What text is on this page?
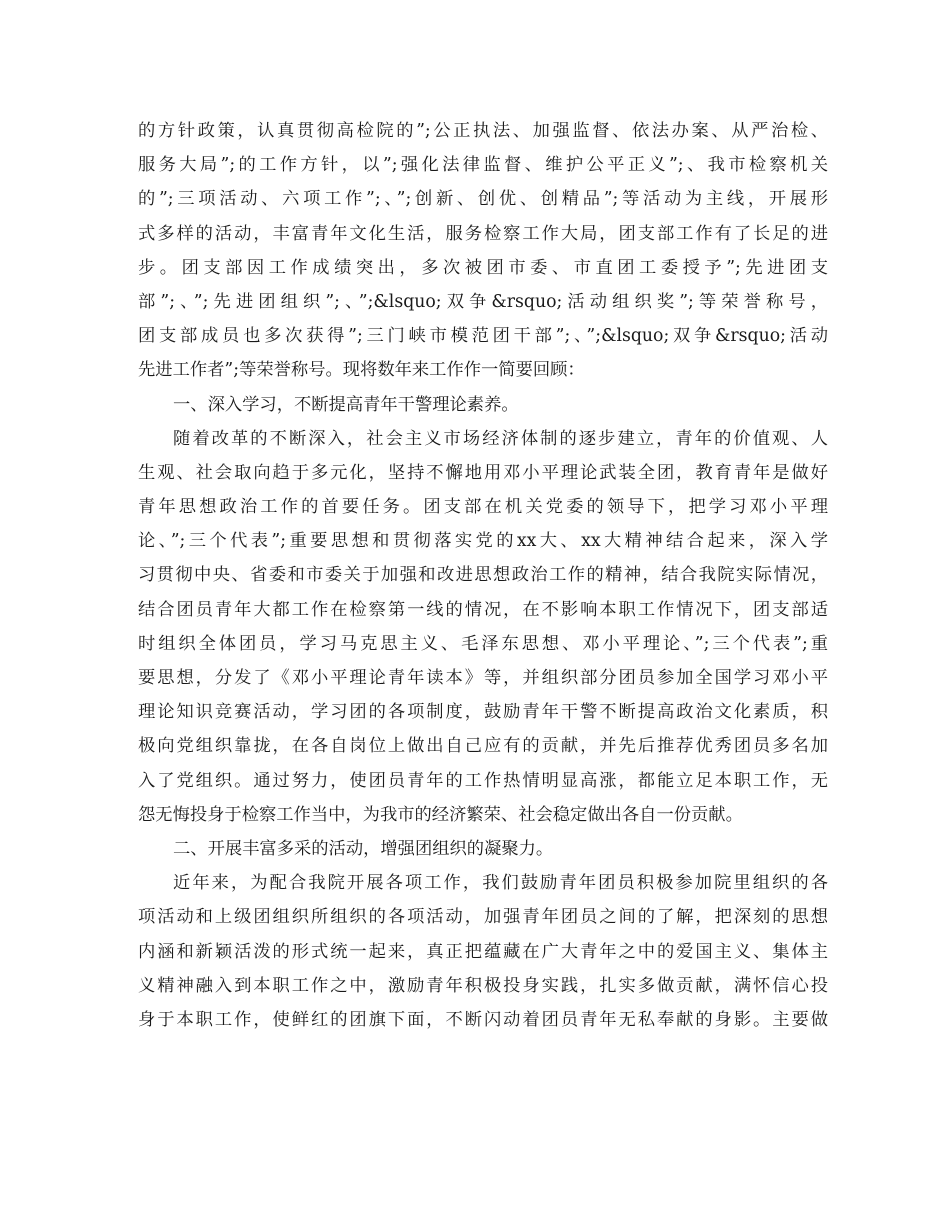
的方针政策，认真贯彻高检院的”;公正执法、加强监督、依法办案、从严治检、
服务大局”;的工作方针，以”;强化法律监督、维护公平正义”;、我市检察机关
的”;三项活动、六项工作”;、”;创新、创优、创精品”;等活动为主线，开展形
式多样的活动，丰富青年文化生活，服务检察工作大局，团支部工作有了长足的进
步。团支部因工作成绩突出，多次被团市委、市直团工委授予”;先进团支
部”;、”;先进团组织”;、”;&lsquo;双争&rsquo;活动组织奖”;等荣誉称号，
团支部成员也多次获得”;三门峡市模范团干部”;、”;&lsquo;双争&rsquo;活动
先进工作者”;等荣誉称号。现将数年来工作作一简要回顾：
一、深入学习，不断提高青年干警理论素养。
随着改革的不断深入，社会主义市场经济体制的逐步建立，青年的价值观、人
生观、社会取向趋于多元化，坚持不懈地用邓小平理论武装全团，教育青年是做好
青年思想政治工作的首要任务。团支部在机关党委的领导下，把学习邓小平理
论、”;三个代表”;重要思想和贯彻落实党的xx大、xx大精神结合起来，深入学
习贯彻中央、省委和市委关于加强和改进思想政治工作的精神，结合我院实际情况，
结合团员青年大都工作在检察第一线的情况，在不影响本职工作情况下，团支部适
时组织全体团员，学习马克思主义、毛泽东思想、邓小平理论、”;三个代表”;重
要思想，分发了《邓小平理论青年读本》等，并组织部分团员参加全国学习邓小平
理论知识竞赛活动，学习团的各项制度，鼓励青年干警不断提高政治文化素质，积
极向党组织靠拢，在各自岗位上做出自己应有的贡献，并先后推荐优秀团员多名加
入了党组织。通过努力，使团员青年的工作热情明显高涨，都能立足本职工作，无
怨无悔投身于检察工作当中，为我市的经济繁荣、社会稳定做出各自一份贡献。
二、开展丰富多采的活动，增强团组织的凝聚力。
近年来，为配合我院开展各项工作，我们鼓励青年团员积极参加院里组织的各
项活动和上级团组织所组织的各项活动，加强青年团员之间的了解，把深刻的思想
内涵和新颖活泼的形式统一起来，真正把蕴藏在广大青年之中的爱国主义、集体主
义精神融入到本职工作之中，激励青年积极投身实践，扎实多做贡献，满怀信心投
身于本职工作，使鲜红的团旗下面，不断闪动着团员青年无私奉献的身影。主要做
